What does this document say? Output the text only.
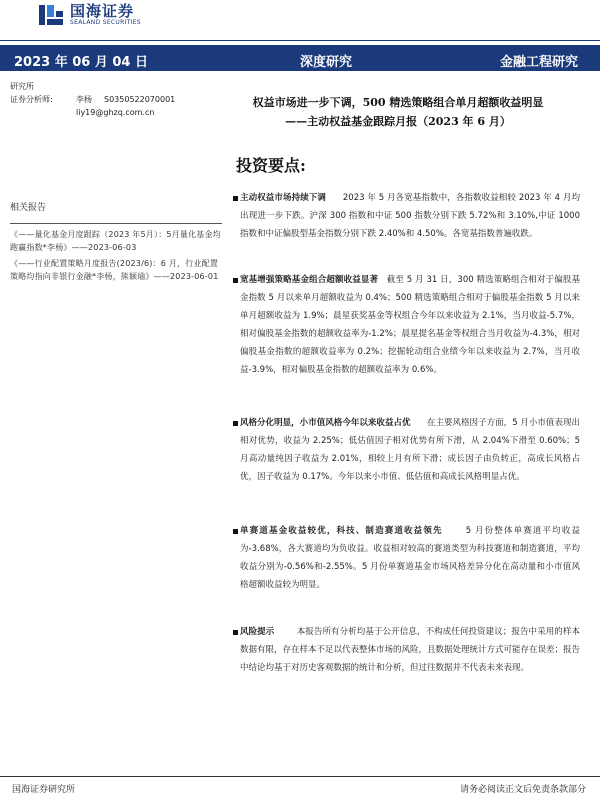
国海证券
SEALAND SECURITIES
2023 年 06 月 04 日	深度研究	金融工程研究
研究所
证券分析师:	李杨	S0350522070001
liy19@ghzq.com.cn
权益市场进一步下调，500 精选策略组合单月超额收益明显
——主动权益基金跟踪月报（2023 年 6 月）
相关报告

《——量化基金月度跟踪（2023 年5月）：5月量化基金均跑赢指数*李杨》——2023-06-03

《——行业配置策略月度报告(2023/6)：6 月，行业配置策略均指向非银行金融*李杨，熊颖瑜》——2023-06-01

投资要点:
主动权益市场持续下调 2023 年 5 月各宽基指数中，各指数收益相较 2023 年 4 月均出现进一步下跌。沪深 300 指数和中证 500 指数分别下跌 5.72%和 3.10%,中证 1000 指数和中证偏股型基金指数分别下跌 2.40%和 4.50%。各宽基指数普遍收跌。
宽基增强策略基金组合超额收益显著 截至 5 月 31 日，300 精选策略组合相对于偏股基金指数 5 月以来单月超额收益为 0.4%；500 精选策略组合相对于偏股基金指数 5 月以来单月超额收益为 1.9%；晨星获奖基金等权组合今年以来收益为 2.1%，当月收益-5.7%，相对偏股基金指数的超额收益率为-1.2%；晨星提名基金等权组合当月收益为-4.3%，相对偏股基金指数的超额收益率为 0.2%；挖掘轮动组合业绩今年以来收益为 2.7%，当月收益-3.9%，相对偏股基金指数的超额收益率为 0.6%。
风格分化明显，小市值风格今年以来收益占优 在主要风格因子方面，5 月小市值表现出相对优势，收益为 2.25%；低估值因子相对优势有所下滑，从 2.04%下滑至 0.60%；5 月高动量纯因子收益为 2.01%，相较上月有所下滑；成长因子由负转正，高成长风格占优，因子收益为 0.17%。今年以来小市值、低估值和高成长风格明显占优。
单赛道基金收益较优，科技、制造赛道收益领先	5 月份整体单赛道平均收益为-3.68%，各大赛道均为负收益。收益相对较高的赛道类型为科技赛道和制造赛道，平均收益分别为-0.56%和-2.55%。5 月份单赛道基金市场风格差异分化在高动量和小市值风格超额收益较为明显。
风险提示	本报告所有分析均基于公开信息，不构成任何投资建议；报告中采用的样本数据有限，存在样本不足以代表整体市场的风险，且数据处理统计方式可能存在误差；报告中结论均基于对历史客观数据的统计和分析，但过往数据并不代表未来表现。
国海证券研究所	请务必阅读正文后免责条款部分
